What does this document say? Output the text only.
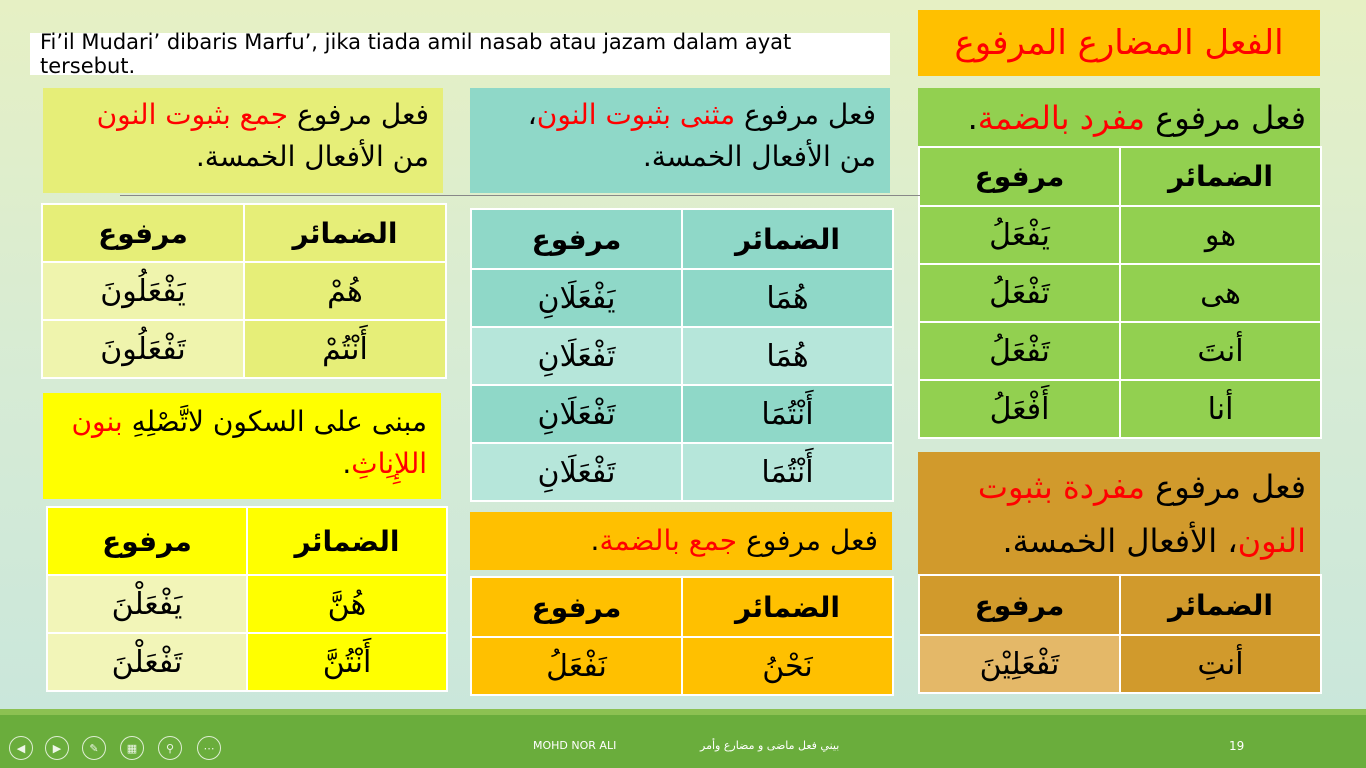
Fi’il Mudari’ dibaris Marfu’, jika tiada amil nasab atau jazam dalam ayat tersebut.
الفعل المضارع المرفوع
فعل مرفوع مفرد بالضمة.
الضمائر	مرفوع
هو	يَفْعَلُ
هى	تَفْعَلُ
أنتَ	تَفْعَلُ
أنا	أَفْعَلُ
فعل مرفوع مفردة بثبوت النون، الأفعال الخمسة.
الضمائر	مرفوع
أنتِ	تَفْعَلِيْنَ
فعل مرفوع مثنى بثبوت النون، من الأفعال الخمسة.
الضمائر	مرفوع
هُمَا	يَفْعَلَانِ
هُمَا	تَفْعَلَانِ
أَنْتُمَا	تَفْعَلَانِ
أَنْتُمَا	تَفْعَلَانِ
فعل مرفوع جمع بالضمة.
الضمائر	مرفوع
نَحْنُ	نَفْعَلُ
فعل مرفوع جمع بثبوت النون من الأفعال الخمسة.
الضمائر	مرفوع
هُمْ	يَفْعَلُونَ
أَنْتُمْ	تَفْعَلُونَ
مبنى على السكون لاتَّصْلِهِ بنون اللإِنِاثِ.
الضمائر	مرفوع
هُنَّ	يَفْعَلْنَ
أَنْتُنَّ	تَفْعَلْنَ
◀	▶	✎	▦	⚲	⋯	MOHD NOR ALI	بيني فعل ماضى و مضارع وأمر	19
